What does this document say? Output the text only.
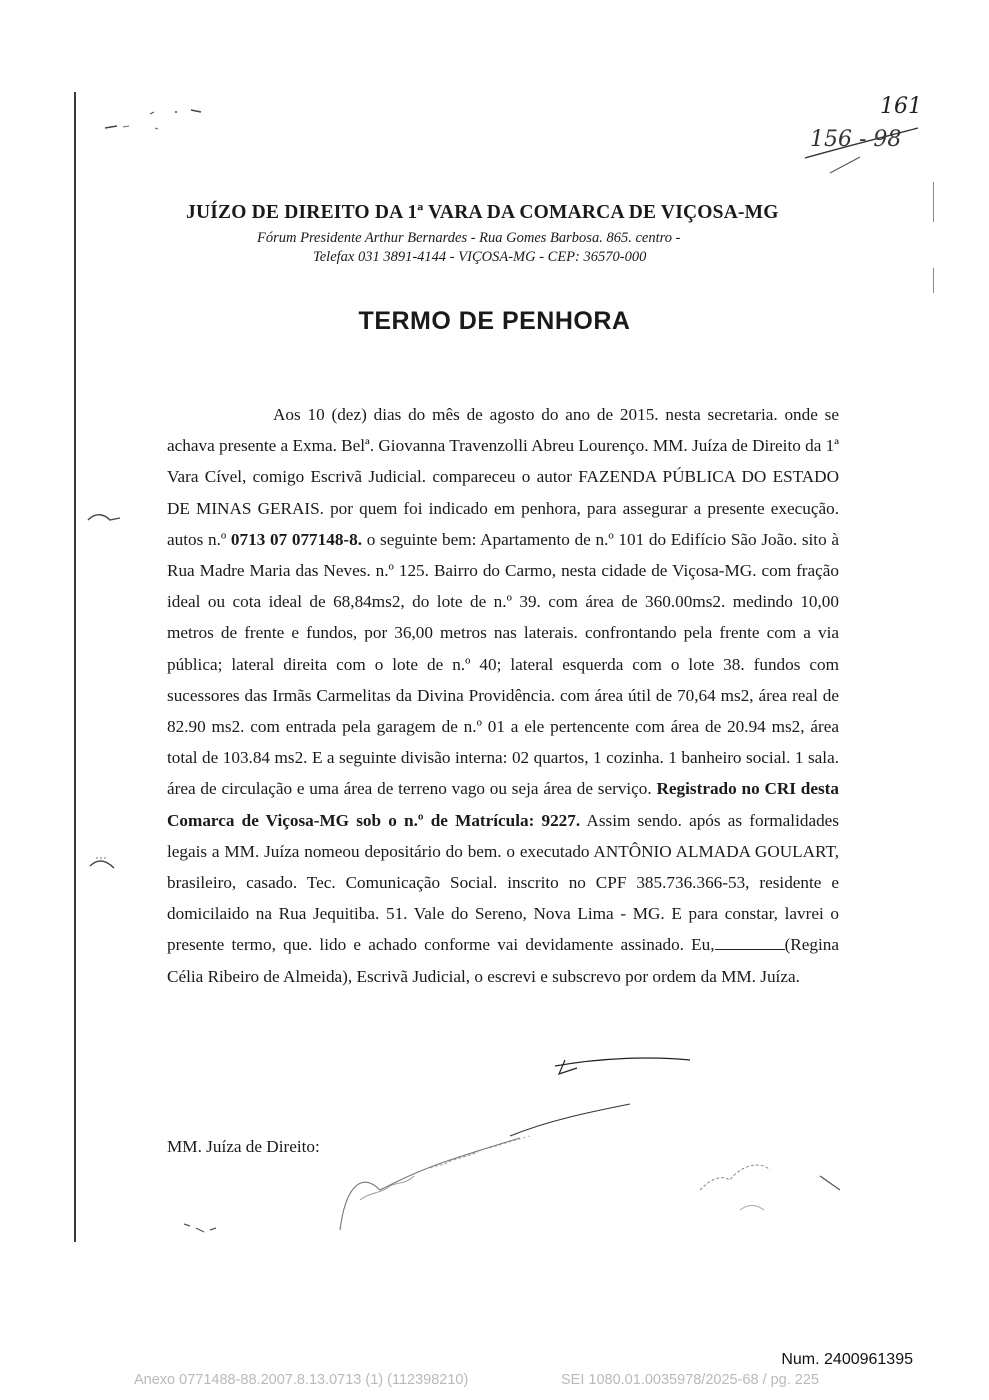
161
156 - 98
JUÍZO DE DIREITO DA 1ª VARA DA COMARCA DE VIÇOSA-MG
Fórum Presidente Arthur Bernardes - Rua Gomes Barbosa. 865. centro -
Telefax 031 3891-4144 - VIÇOSA-MG - CEP: 36570-000
TERMO DE PENHORA

Aos 10 (dez) dias do mês de agosto do ano de 2015. nesta secretaria. onde se achava presente a Exma. Belª. Giovanna Travenzolli Abreu Lourenço. MM. Juíza de Direito da 1ª Vara Cível, comigo Escrivã Judicial. compareceu o autor FAZENDA PÚBLICA DO ESTADO DE MINAS GERAIS. por quem foi indicado em penhora, para assegurar a presente execução. autos n.º 0713 07 077148-8. o seguinte bem: Apartamento de n.º 101 do Edifício São João. sito à Rua Madre Maria das Neves. n.º 125. Bairro do Carmo, nesta cidade de Viçosa-MG. com fração ideal ou cota ideal de 68,84ms2, do lote de n.º 39. com área de 360.00ms2. medindo 10,00 metros de frente e fundos, por 36,00 metros nas laterais. confrontando pela frente com a via pública; lateral direita com o lote de n.º 40; lateral esquerda com o lote 38. fundos com sucessores das Irmãs Carmelitas da Divina Providência. com área útil de 70,64 ms2, área real de 82.90 ms2. com entrada pela garagem de n.º 01 a ele pertencente com área de 20.94 ms2, área total de 103.84 ms2. E a seguinte divisão interna: 02 quartos, 1 cozinha. 1 banheiro social. 1 sala. área de circulação e uma área de terreno vago ou seja área de serviço. Registrado no CRI desta Comarca de Viçosa-MG sob o n.º de Matrícula: 9227. Assim sendo. após as formalidades legais a MM. Juíza nomeou depositário do bem. o executado ANTÔNIO ALMADA GOULART, brasileiro, casado. Tec. Comunicação Social. inscrito no CPF 385.736.366-53, residente e domicilaido na Rua Jequitiba. 51. Vale do Sereno, Nova Lima - MG. E para constar, lavrei o presente termo, que. lido e achado conforme vai devidamente assinado. Eu,	(Regina Célia Ribeiro de Almeida), Escrivã Judicial, o escrevi e subscrevo por ordem da MM. Juíza.

MM. Juíza de Direito:
Num. 2400961395
Anexo 0771488-88.2007.8.13.0713 (1) (112398210)	SEI 1080.01.0035978/2025-68 / pg. 225
